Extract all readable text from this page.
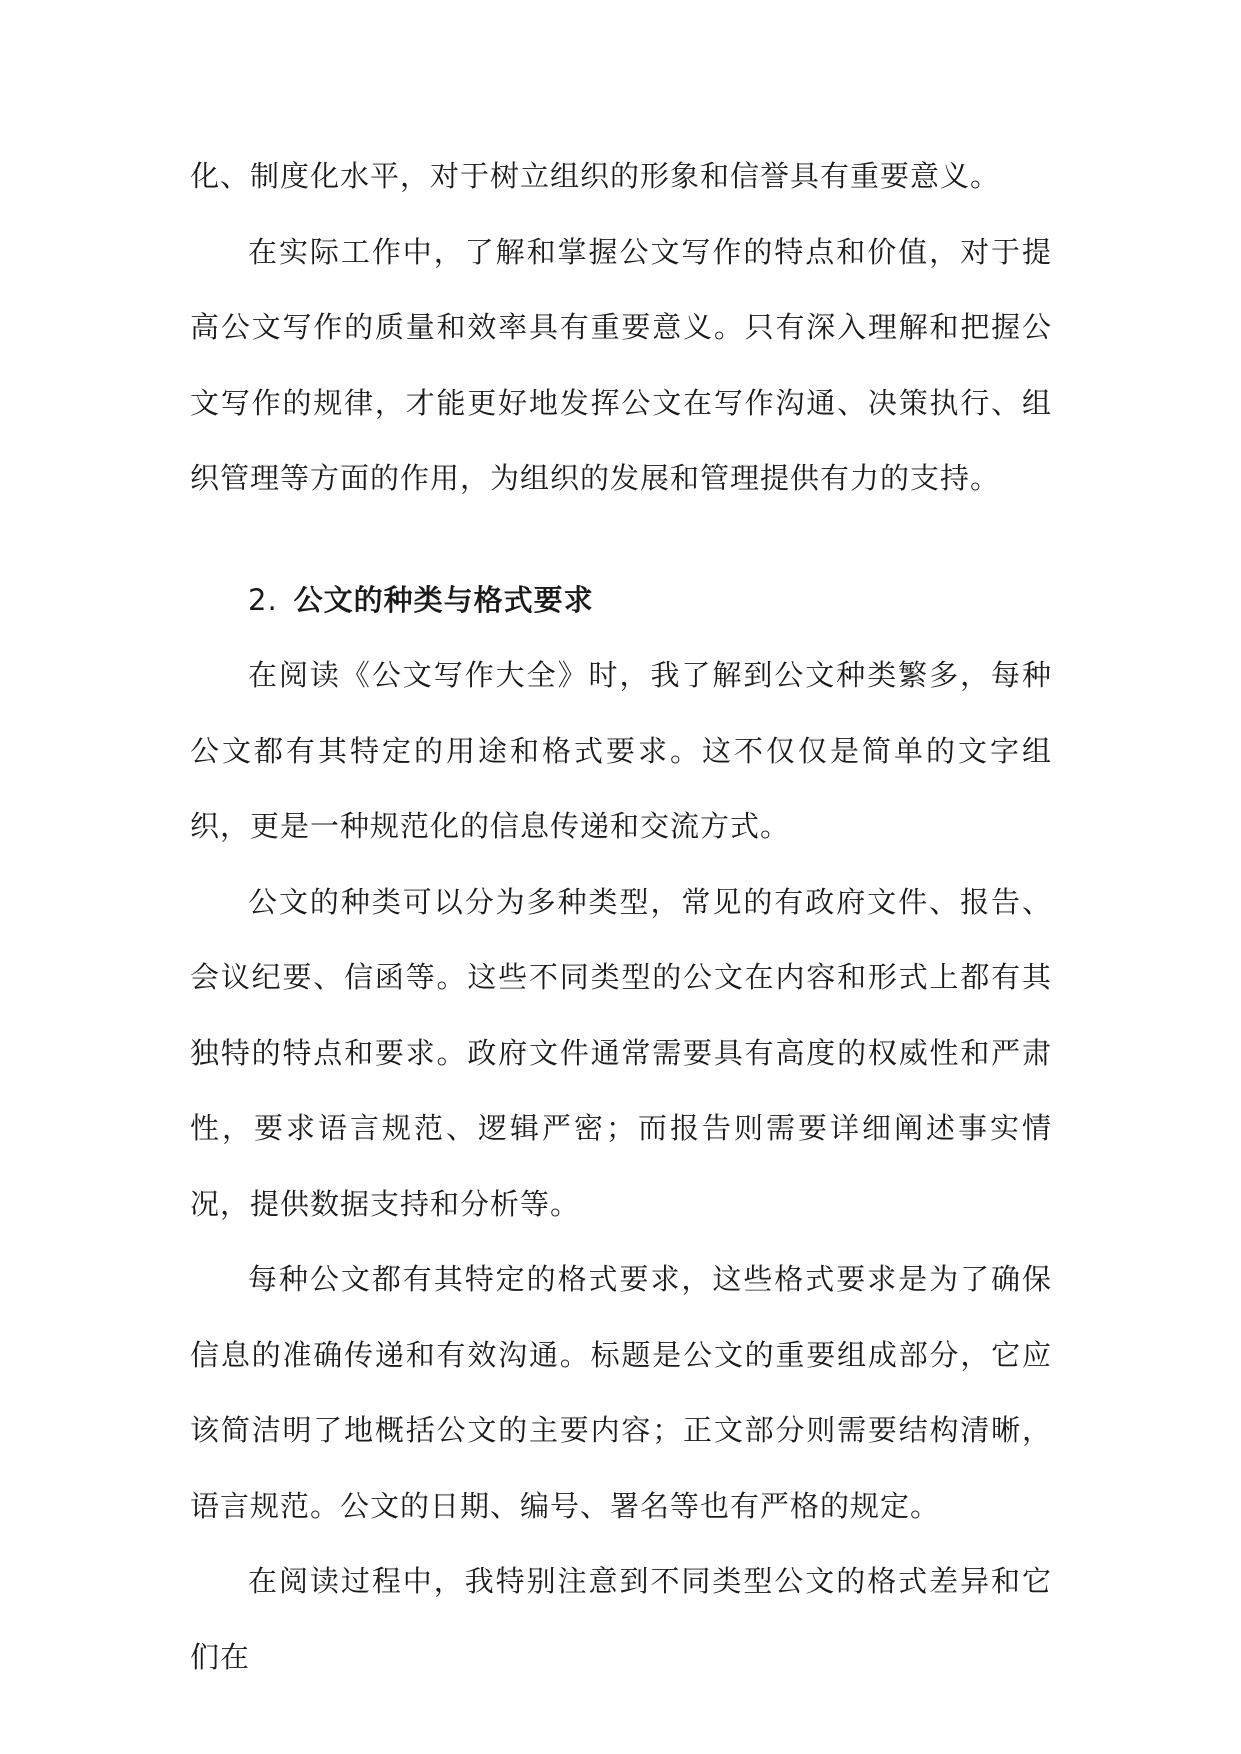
化、制度化水平，对于树立组织的形象和信誉具有重要意义。

在实际工作中，了解和掌握公文写作的特点和价值，对于提高公文写作的质量和效率具有重要意义。只有深入理解和把握公文写作的规律，才能更好地发挥公文在写作沟通、决策执行、组织管理等方面的作用，为组织的发展和管理提供有力的支持。

2. 公文的种类与格式要求

在阅读《公文写作大全》时，我了解到公文种类繁多，每种公文都有其特定的用途和格式要求。这不仅仅是简单的文字组织，更是一种规范化的信息传递和交流方式。

公文的种类可以分为多种类型，常见的有政府文件、报告、会议纪要、信函等。这些不同类型的公文在内容和形式上都有其独特的特点和要求。政府文件通常需要具有高度的权威性和严肃性，要求语言规范、逻辑严密；而报告则需要详细阐述事实情况，提供数据支持和分析等。

每种公文都有其特定的格式要求，这些格式要求是为了确保信息的准确传递和有效沟通。标题是公文的重要组成部分，它应该简洁明了地概括公文的主要内容；正文部分则需要结构清晰，语言规范。公文的日期、编号、署名等也有严格的规定。

在阅读过程中，我特别注意到不同类型公文的格式差异和它们在
